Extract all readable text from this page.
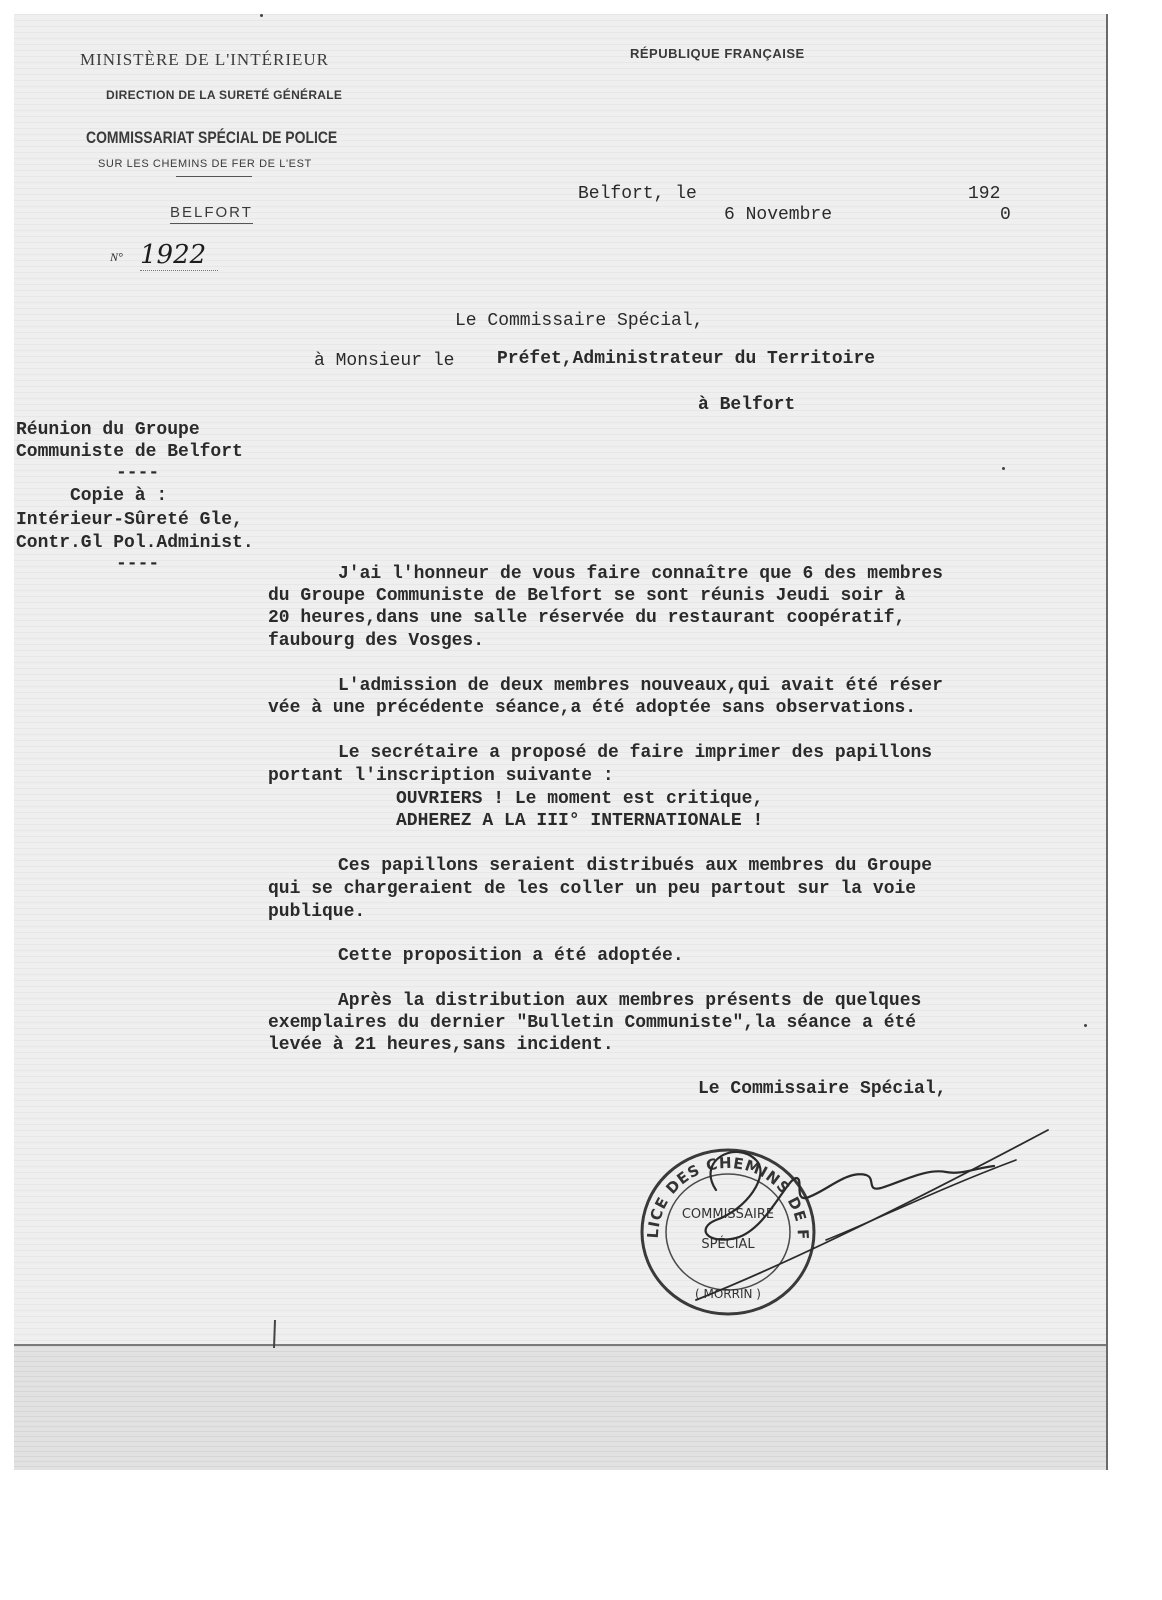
MINISTÈRE DE L'INTÉRIEUR
DIRECTION DE LA SURETÉ GÉNÉRALE
COMMISSARIAT SPÉCIAL DE POLICE
SUR LES CHEMINS DE FER DE L'EST
BELFORT
RÉPUBLIQUE FRANÇAISE
N° 1922
Belfort, le	192
6 Novembre	0
Le Commissaire Spécial,
à Monsieur le Préfet,Administrateur du Territoire
à Belfort
Réunion du Groupe
Communiste de Belfort
----
Copie à :
Intérieur-Sûreté Gle,
Contr.Gl Pol.Administ.
----	J'ai l'honneur de vous faire connaître que 6 des membres
du Groupe Communiste de Belfort se sont réunis Jeudi soir à
20 heures,dans une salle réservée du restaurant coopératif,
faubourg des Vosges.
L'admission de deux membres nouveaux,qui avait été réser
vée à une précédente séance,a été adoptée sans observations.
Le secrétaire a proposé de faire imprimer des papillons
portant l'inscription suivante :
OUVRIERS ! Le moment est critique,
ADHEREZ A LA III° INTERNATIONALE !
Ces papillons seraient distribués aux membres du Groupe
qui se chargeraient de les coller un peu partout sur la voie
publique.
Cette proposition a été adoptée.
Après la distribution aux membres présents de quelques
exemplaires du dernier "Bulletin Communiste",la séance a été
levée à 21 heures,sans incident.
Le Commissaire Spécial,
LICE DES CHEMINS DE F
COMMISSAIRE
SPÉCIAL
( MORRIN )
